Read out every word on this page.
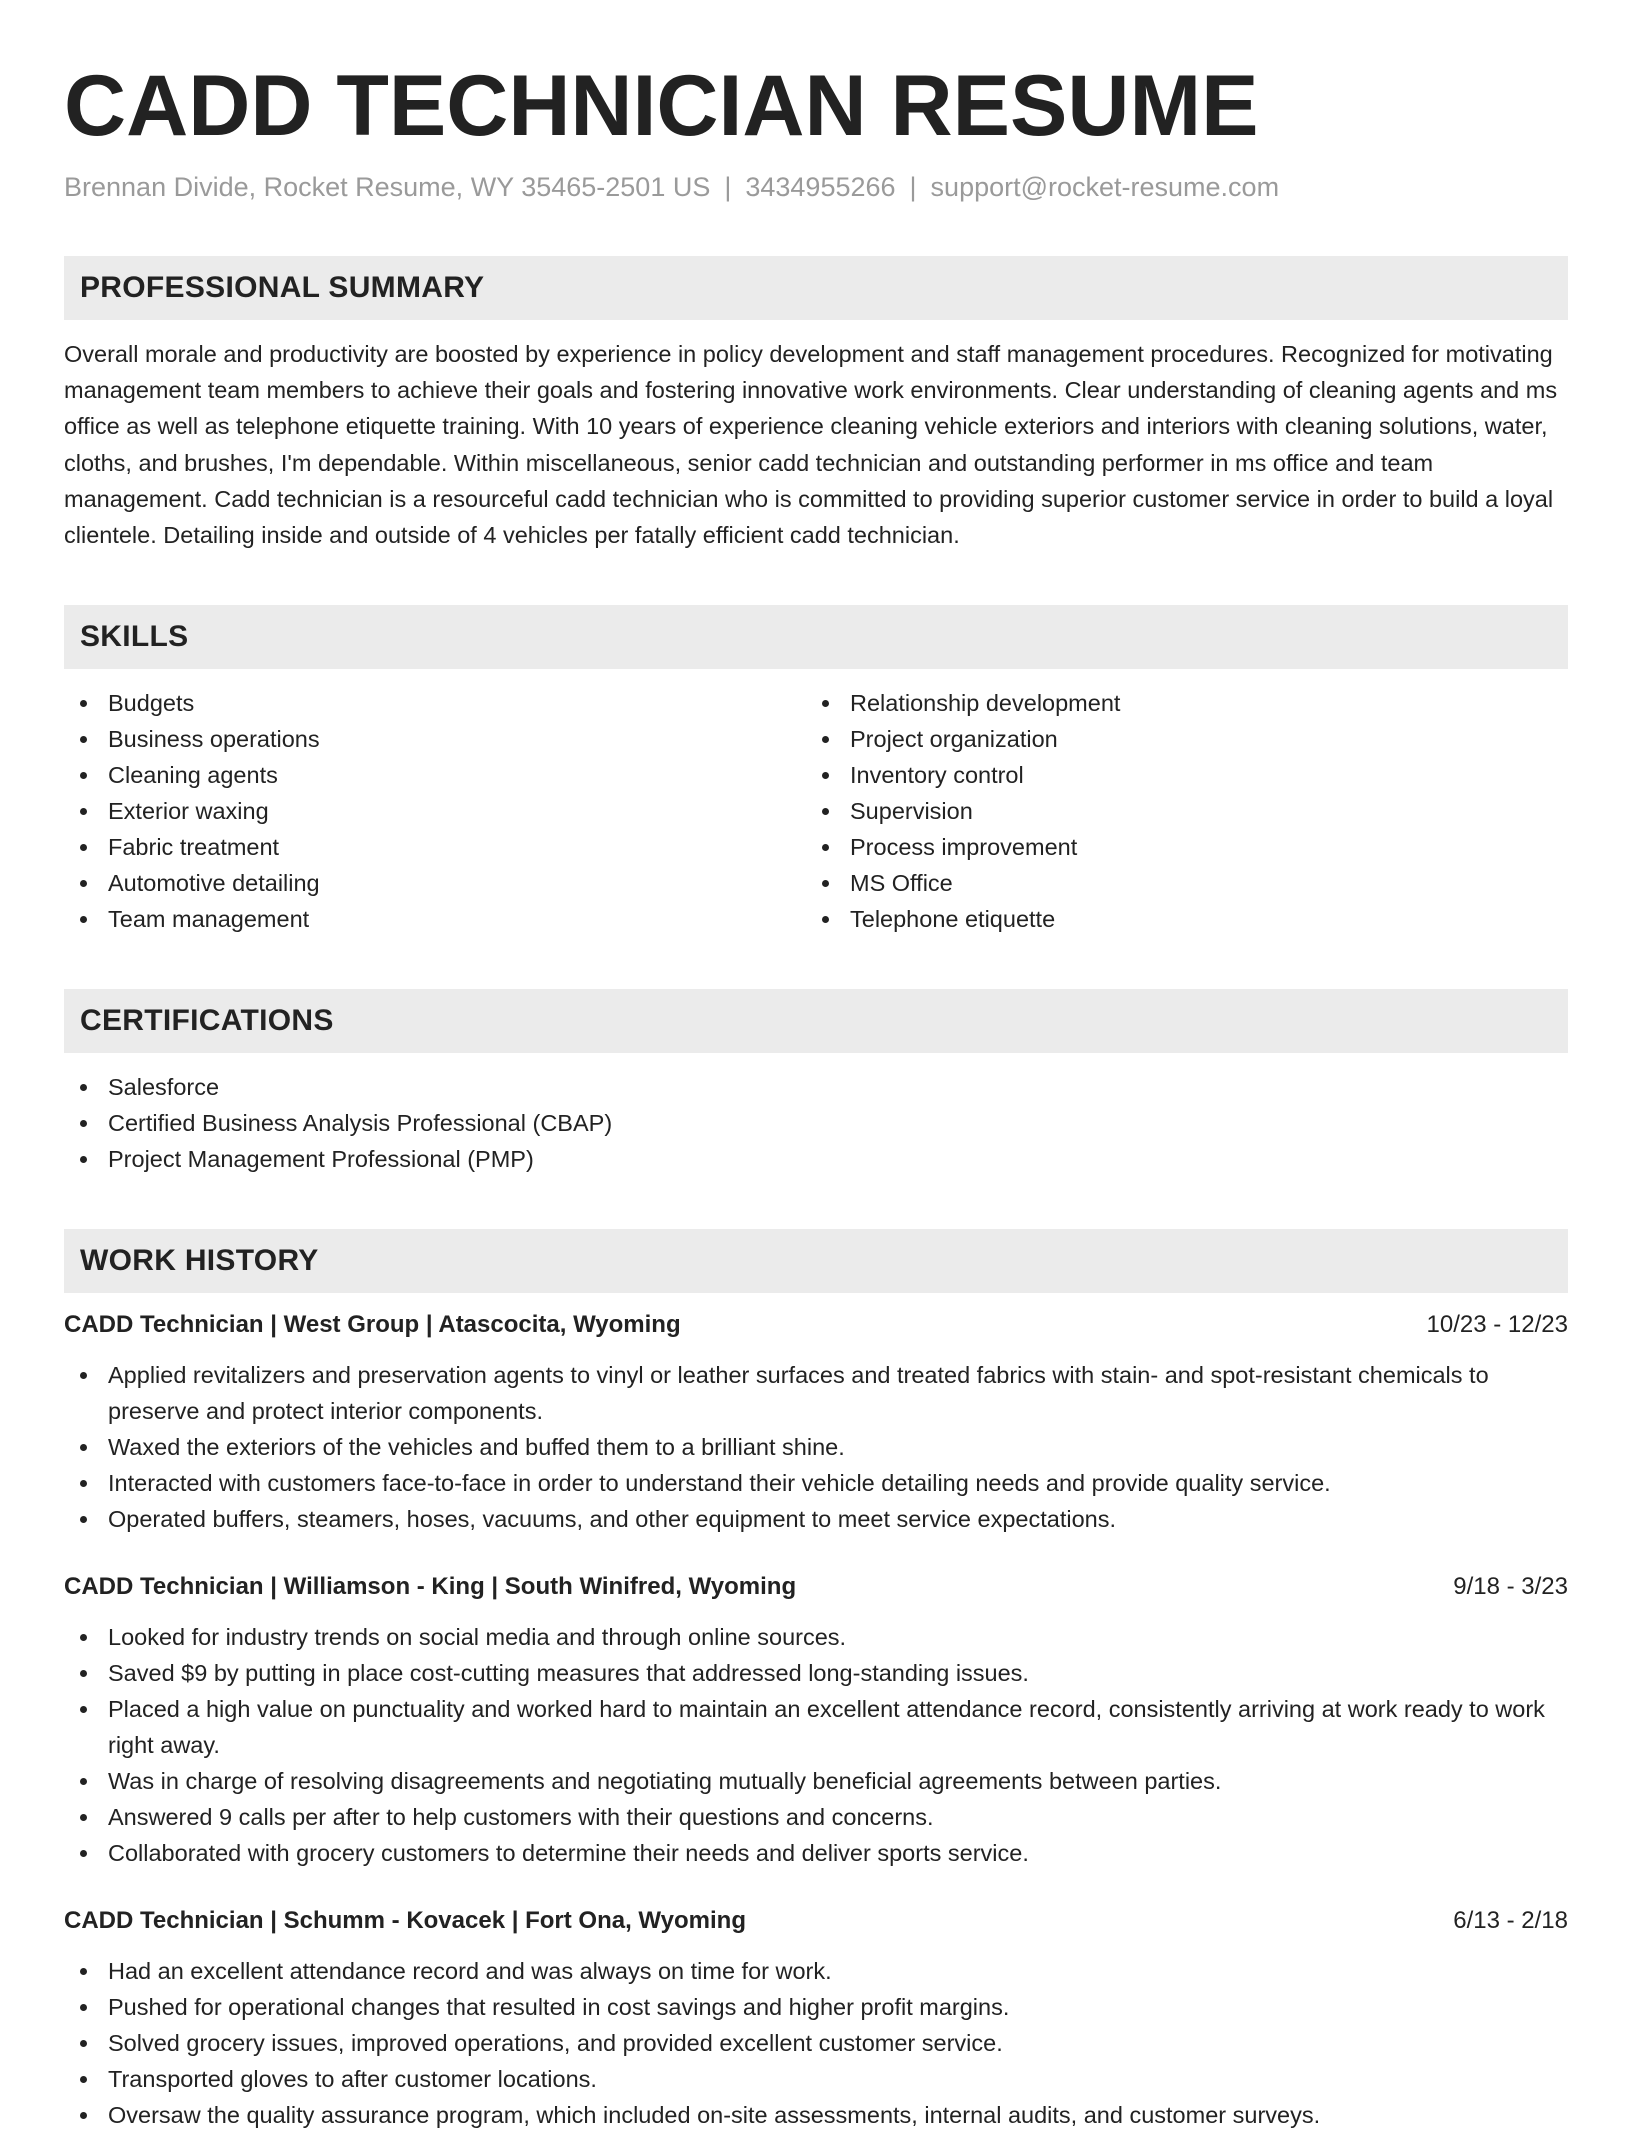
CADD TECHNICIAN RESUME
Brennan Divide, Rocket Resume, WY 35465-2501 US | 3434955266 | support@rocket-resume.com
PROFESSIONAL SUMMARY
Overall morale and productivity are boosted by experience in policy development and staff management procedures. Recognized for motivating management team members to achieve their goals and fostering innovative work environments. Clear understanding of cleaning agents and ms office as well as telephone etiquette training. With 10 years of experience cleaning vehicle exteriors and interiors with cleaning solutions, water, cloths, and brushes, I'm dependable. Within miscellaneous, senior cadd technician and outstanding performer in ms office and team management. Cadd technician is a resourceful cadd technician who is committed to providing superior customer service in order to build a loyal clientele. Detailing inside and outside of 4 vehicles per fatally efficient cadd technician.
SKILLS
Budgets
Business operations
Cleaning agents
Exterior waxing
Fabric treatment
Automotive detailing
Team management
Relationship development
Project organization
Inventory control
Supervision
Process improvement
MS Office
Telephone etiquette
CERTIFICATIONS
Salesforce
Certified Business Analysis Professional (CBAP)
Project Management Professional (PMP)
WORK HISTORY
CADD Technician | West Group | Atascocita, Wyoming	10/23 - 12/23
Applied revitalizers and preservation agents to vinyl or leather surfaces and treated fabrics with stain- and spot-resistant chemicals to preserve and protect interior components.
Waxed the exteriors of the vehicles and buffed them to a brilliant shine.
Interacted with customers face-to-face in order to understand their vehicle detailing needs and provide quality service.
Operated buffers, steamers, hoses, vacuums, and other equipment to meet service expectations.
CADD Technician | Williamson - King | South Winifred, Wyoming	9/18 - 3/23
Looked for industry trends on social media and through online sources.
Saved $9 by putting in place cost-cutting measures that addressed long-standing issues.
Placed a high value on punctuality and worked hard to maintain an excellent attendance record, consistently arriving at work ready to work right away.
Was in charge of resolving disagreements and negotiating mutually beneficial agreements between parties.
Answered 9 calls per after to help customers with their questions and concerns.
Collaborated with grocery customers to determine their needs and deliver sports service.
CADD Technician | Schumm - Kovacek | Fort Ona, Wyoming	6/13 - 2/18
Had an excellent attendance record and was always on time for work.
Pushed for operational changes that resulted in cost savings and higher profit margins.
Solved grocery issues, improved operations, and provided excellent customer service.
Transported gloves to after customer locations.
Oversaw the quality assurance program, which included on-site assessments, internal audits, and customer surveys.
